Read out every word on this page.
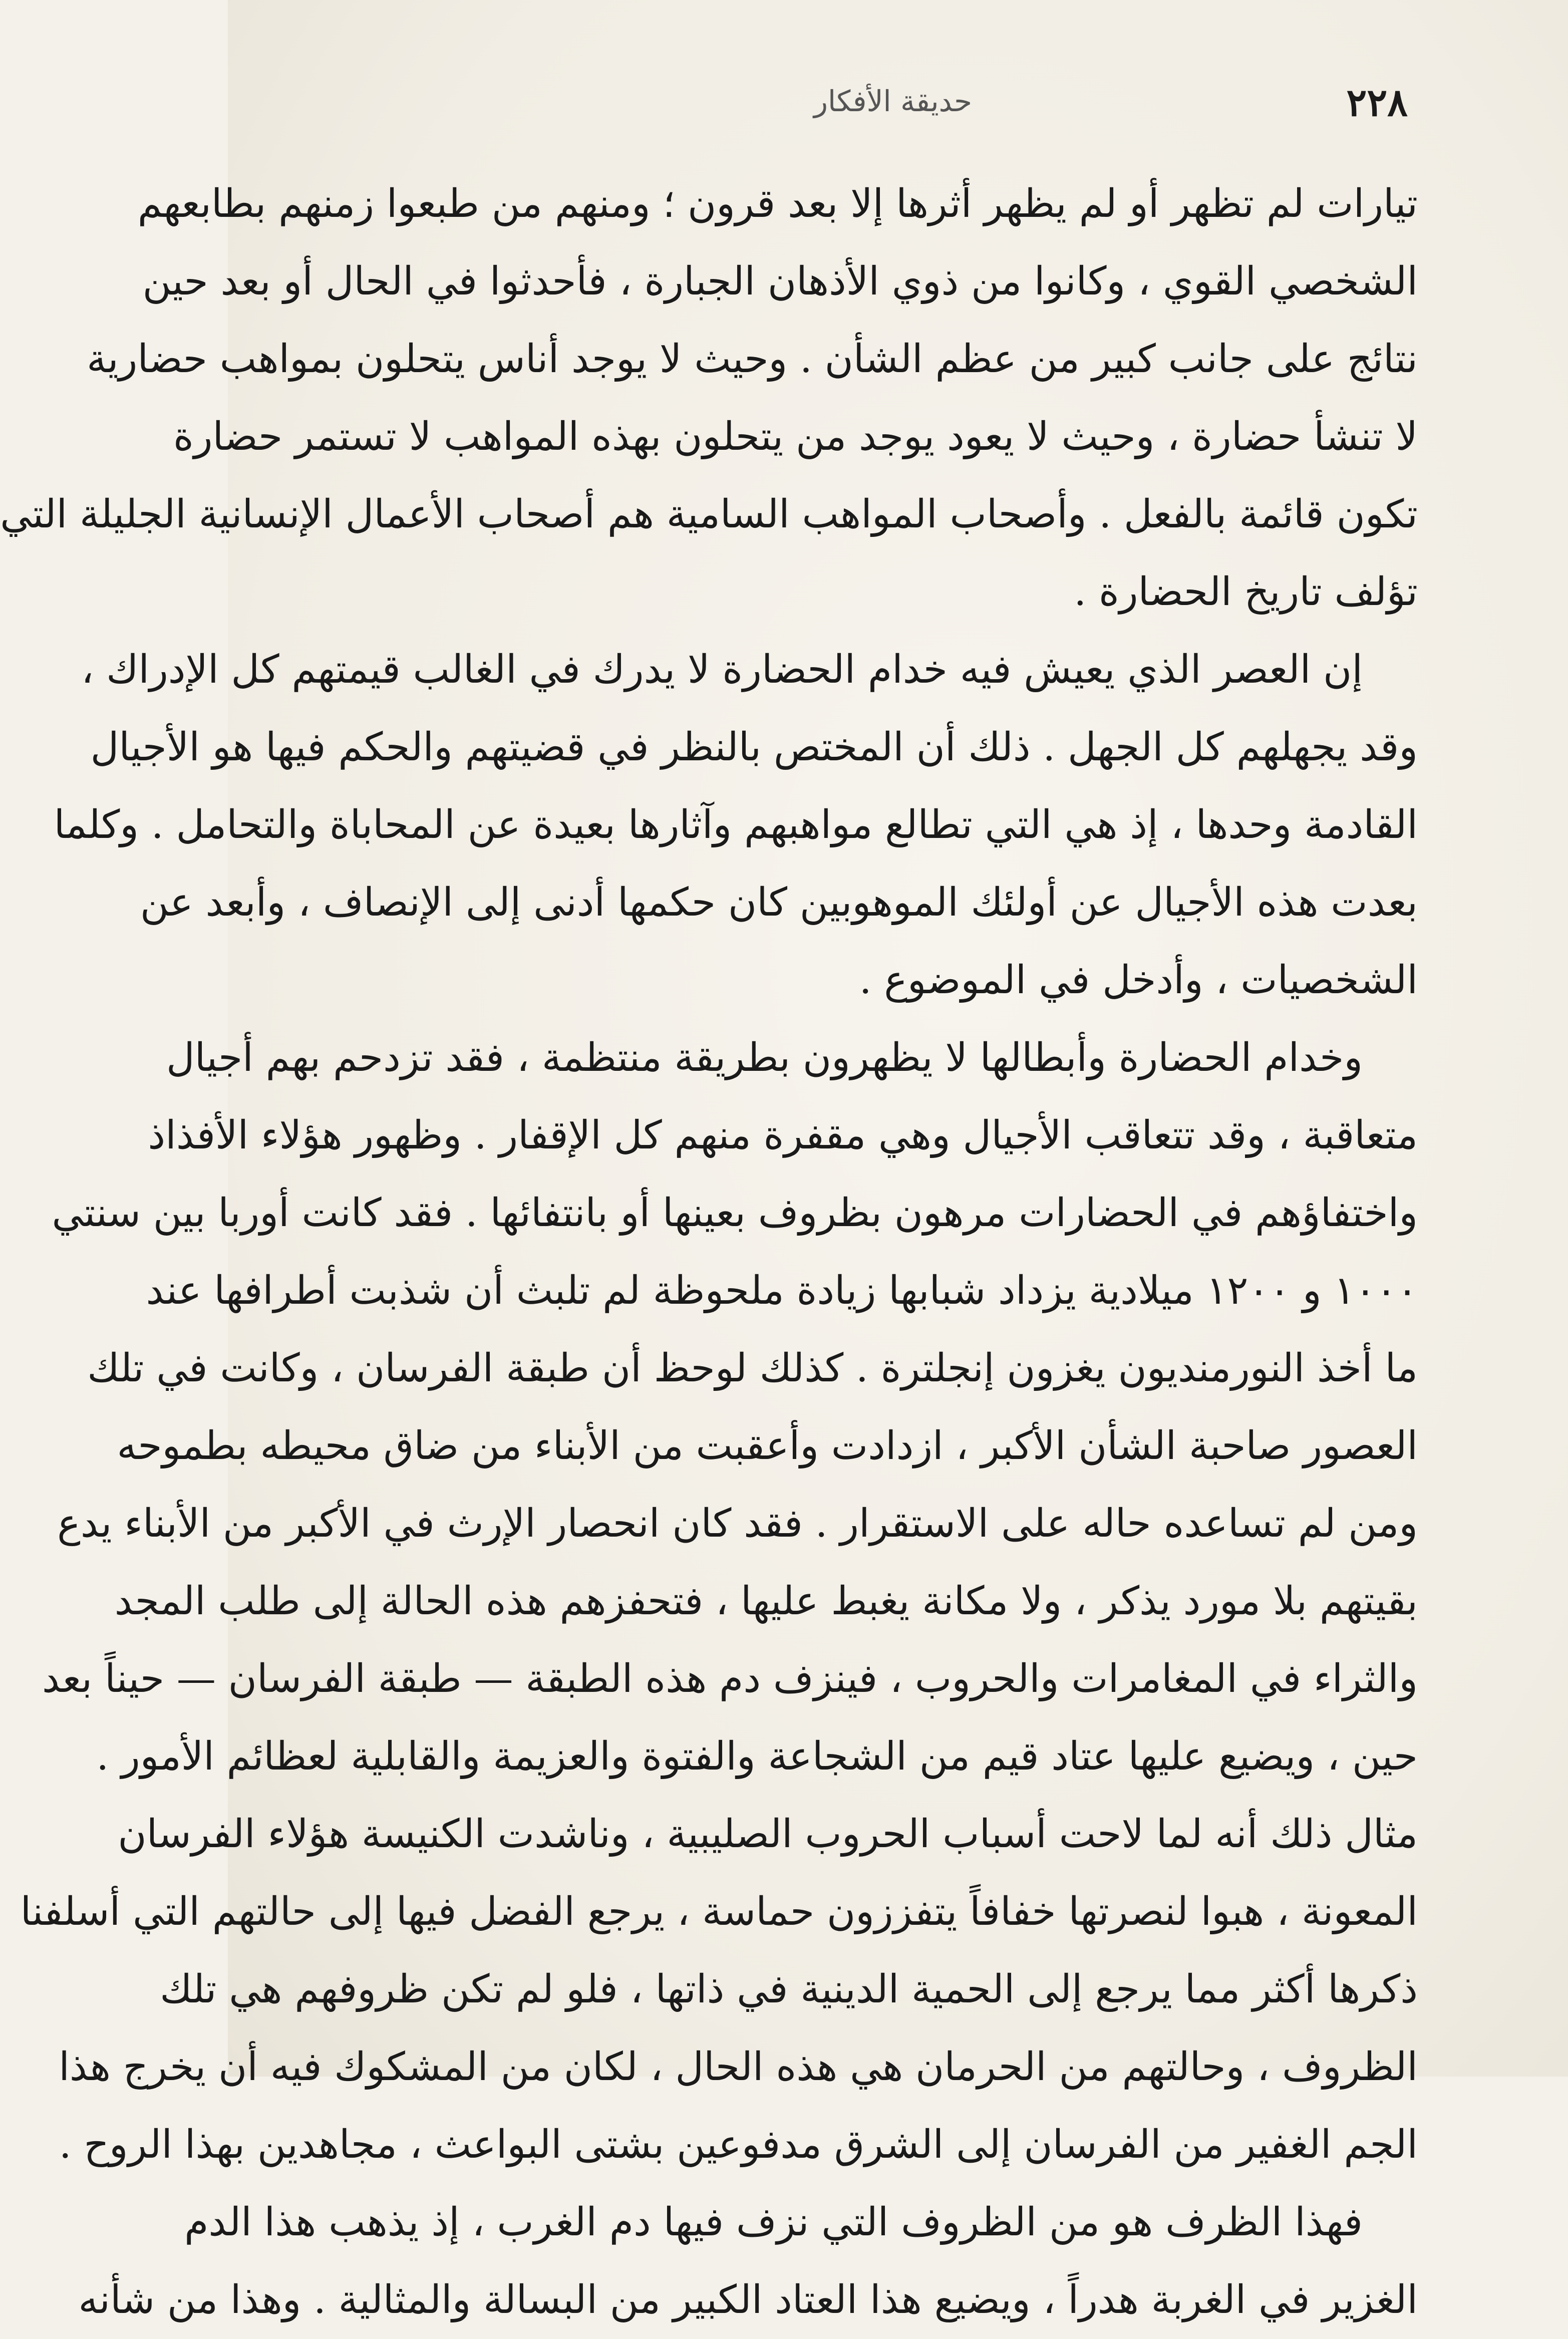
٢٢٨
حديقة الأفكار
تيارات لم تظهر أو لم يظهر أثرها إلا بعد قرون ؛ ومنهم من طبعوا زمنهم بطابعهم
الشخصي القوي ، وكانوا من ذوي الأذهان الجبارة ، فأحدثوا في الحال أو بعد حين
نتائج على جانب كبير من عظم الشأن . وحيث لا يوجد أناس يتحلون بمواهب حضارية
لا تنشأ حضارة ، وحيث لا يعود يوجد من يتحلون بهذه المواهب لا تستمر حضارة
تكون قائمة بالفعل . وأصحاب المواهب السامية هم أصحاب الأعمال الإنسانية الجليلة التي
تؤلف تاريخ الحضارة .
إن العصر الذي يعيش فيه خدام الحضارة لا يدرك في الغالب قيمتهم كل الإدراك ،
وقد يجهلهم كل الجهل . ذلك أن المختص بالنظر في قضيتهم والحكم فيها هو الأجيال
القادمة وحدها ، إذ هي التي تطالع مواهبهم وآثارها بعيدة عن المحاباة والتحامل . وكلما
بعدت هذه الأجيال عن أولئك الموهوبين كان حكمها أدنى إلى الإنصاف ، وأبعد عن
الشخصيات ، وأدخل في الموضوع .
وخدام الحضارة وأبطالها لا يظهرون بطريقة منتظمة ، فقد تزدحم بهم أجيال
متعاقبة ، وقد تتعاقب الأجيال وهي مقفرة منهم كل الإقفار . وظهور هؤلاء الأفذاذ
واختفاؤهم في الحضارات مرهون بظروف بعينها أو بانتفائها . فقد كانت أوربا بين سنتي
١٠٠٠ و ١٢٠٠ ميلادية يزداد شبابها زيادة ملحوظة لم تلبث أن شذبت أطرافها عند
ما أخذ النورمنديون يغزون إنجلترة . كذلك لوحظ أن طبقة الفرسان ، وكانت في تلك
العصور صاحبة الشأن الأكبر ، ازدادت وأعقبت من الأبناء من ضاق محيطه بطموحه
ومن لم تساعده حاله على الاستقرار . فقد كان انحصار الإرث في الأكبر من الأبناء يدع
بقيتهم بلا مورد يذكر ، ولا مكانة يغبط عليها ، فتحفزهم هذه الحالة إلى طلب المجد
والثراء في المغامرات والحروب ، فينزف دم هذه الطبقة — طبقة الفرسان — حيناً بعد
حين ، ويضيع عليها عتاد قيم من الشجاعة والفتوة والعزيمة والقابلية لعظائم الأمور .
مثال ذلك أنه لما لاحت أسباب الحروب الصليبية ، وناشدت الكنيسة هؤلاء الفرسان
المعونة ، هبوا لنصرتها خفافاً يتفززون حماسة ، يرجع الفضل فيها إلى حالتهم التي أسلفنا
ذكرها أكثر مما يرجع إلى الحمية الدينية في ذاتها ، فلو لم تكن ظروفهم هي تلك
الظروف ، وحالتهم من الحرمان هي هذه الحال ، لكان من المشكوك فيه أن يخرج هذا
الجم الغفير من الفرسان إلى الشرق مدفوعين بشتى البواعث ، مجاهدين بهذا الروح .
فهذا الظرف هو من الظروف التي نزف فيها دم الغرب ، إذ يذهب هذا الدم
الغزير في الغربة هدراً ، ويضيع هذا العتاد الكبير من البسالة والمثالية . وهذا من شأنه
